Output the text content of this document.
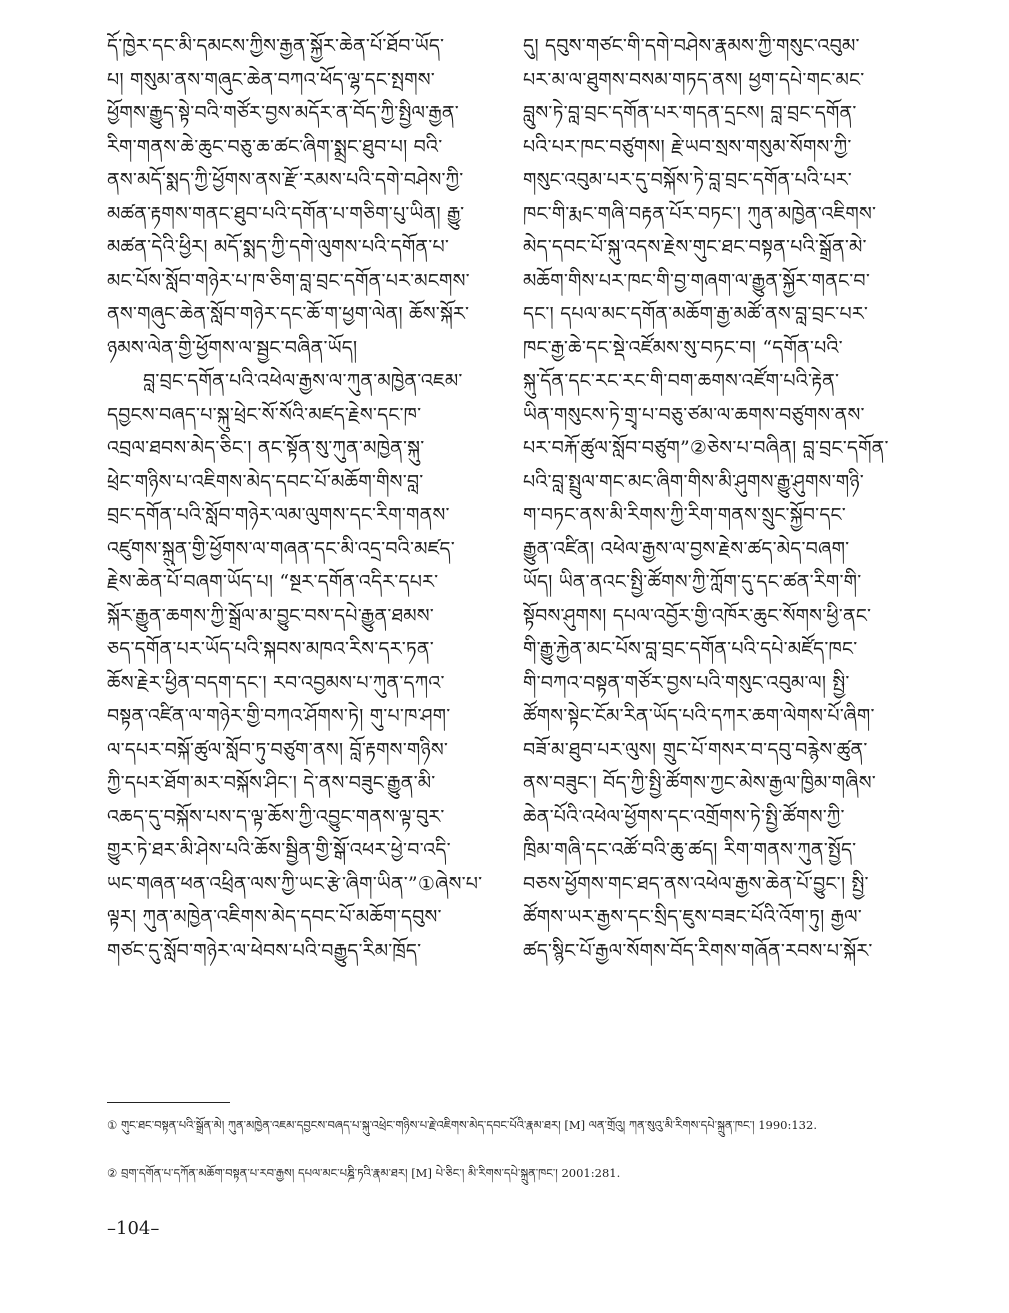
དོ་ཁྱེར་དང་མི་དམངས་ཀྱིས་རྒྱན་སྐྱོར་ཆེན་པོ་ཐོབ་ཡོད་
པ། གསུམ་ནས་གཞུང་ཆེན་བཀའ་ཕོད་ལྷ་དང་སྤགས་
ཕྱོགས་རྒྱུད་སྟེ་བའི་གཙོར་བྱས་མདོར་ན་བོད་ཀྱི་སྤྱིལ་རྒྱན་
རིག་གནས་ཆེ་ཆུང་བཅུ་ཆ་ཚང་ཞིག་སྨྲང་ཐུབ་པ། བའི་
ནས་མདོ་སྨད་ཀྱི་ཕྱོགས་ནས་རྫོ་རམས་པའི་དགེ་བཤེས་ཀྱི་
མཚན་རྟགས་གནང་ཐུབ་པའི་དགོན་པ་གཅིག་པུ་ཡིན། རྒྱུ་
མཚན་དེའི་ཕྱིར། མདོ་སྨད་ཀྱི་དགེ་ལུགས་པའི་དགོན་པ་
མང་པོས་སློབ་གཉེར་པ་ཁ་ཅིག་བླ་བྲང་དགོན་པར་མངགས་
ནས་གཞུང་ཆེན་སློབ་གཉེར་དང་ཆོ་ག་ཕྱག་ལེན། ཆོས་སྐོར་
ཉམས་ལེན་གྱི་ཕྱོགས་ལ་སྦྱང་བཞིན་ཡོད།
བླ་བྲང་དགོན་པའི་འཕེལ་རྒྱས་ལ་ཀུན་མཁྱེན་འཇམ་
དབྱངས་བཞད་པ་སྐུ་ཕྲེང་སོ་སོའི་མཛད་རྗེས་དང་ཁ་
འབྲལ་ཐབས་མེད་ཅིང་། ནང་སྟོན་སུ་ཀུན་མཁྱེན་སྐུ་
ཕྲེང་གཉིས་པ་འཇིགས་མེད་དབང་པོ་མཆོག་གིས་བླ་
བྲང་དགོན་པའི་སློབ་གཉེར་ལམ་ལུགས་དང་རིག་གནས་
འཛུགས་སྐྲུན་གྱི་ཕྱོགས་ལ་གཞན་དང་མི་འདྲ་བའི་མཛད་
རྗེས་ཆེན་པོ་བཞག་ཡོད་པ། “སྔར་དགོན་འདིར་དཔར་
སྐོར་རྒྱུན་ཆགས་ཀྱི་སྒྲོལ་མ་བྱུང་བས་དཔེ་རྒྱུན་ཐམས་
ཅད་དགོན་པར་ཡོད་པའི་སྐབས་མཁའ་རིས་དར་ཏན་
ཆོས་རྗེར་ཕྱིན་བདག་དང་། རབ་འབྱམས་པ་ཀུན་དཀའ་
བསྟན་འཛིན་ལ་གཉེར་གྱི་བཀའ་ཤོགས་ཏེ། གུ་པ་ཁ་ཤག་
ལ་དཔར་བསྐོ་ཚུལ་སློབ་ཏུ་བཙུག་ནས། བློ་རྟགས་གཉིས་
ཀྱི་དཔར་ཐོག་མར་བསྐོས་ཤིང་། དེ་ནས་བཟུང་རྒྱུན་མི་
འཆད་དུ་བསྐོས་པས་ད་ལྟ་ཆོས་ཀྱི་འབྱུང་གནས་ལྟ་བུར་
གྱུར་ཏེ་ཐར་མི་ཤེས་པའི་ཆོས་སྦྱིན་གྱི་སྒོ་འཕར་ཕྱེ་བ་འདི་
ཡང་གཞན་ཕན་འཕྲིན་ལས་ཀྱི་ཡང་རྩེ་ཞིག་ཡིན་”①ཞེས་པ་
ལྟར། ཀུན་མཁྱེན་འཇིགས་མེད་དབང་པོ་མཆོག་དབུས་
གཙང་དུ་སློབ་གཉེར་ལ་ཕེབས་པའི་བརྒྱུད་རིམ་ཁྲོད་
དུ། དབུས་གཙང་གི་དགེ་བཤེས་རྣམས་ཀྱི་གསུང་འབུམ་
པར་མ་ལ་ཐུགས་བསམ་གཏད་ནས། ཕྱག་དཔེ་གང་མང་
བླུས་ཏེ་བླ་བྲང་དགོན་པར་གདན་དྲངས། བླ་བྲང་དགོན་
པའི་པར་ཁང་བཙུགས། རྗེ་ཡབ་སྲས་གསུམ་སོགས་ཀྱི་
གསུང་འབུམ་པར་དུ་བསྐོས་ཏེ་བླ་བྲང་དགོན་པའི་པར་
ཁང་གི་རྨང་གཞི་བརྟན་པོར་བཏང་། ཀུན་མཁྱེན་འཇིགས་
མེད་དབང་པོ་སྐུ་འདས་རྗེས་གུང་ཐང་བསྟན་པའི་སྒྲོན་མེ་
མཆོག་གིས་པར་ཁང་གི་བྱ་གཞག་ལ་རྒྱུན་སྐྱོར་གནང་བ་
དང་། དཔལ་མང་དགོན་མཆོག་རྒྱ་མཚོ་ནས་བླ་བྲང་པར་
ཁང་རྒྱ་ཆེ་དང་སྡེ་འཛོམས་སུ་བཏང་བ། “དགོན་པའི་
སྐུ་དོན་དང་རང་རང་གི་བག་ཆགས་འཛོག་པའི་རྟེན་
ཡིན་གསུངས་ཏེ་གྲྭ་པ་བཅུ་ཙམ་ལ་ཆགས་བཙུགས་ནས་
པར་བརྐོ་ཚུལ་སློབ་བཙུག”②ཅེས་པ་བཞིན། བླ་བྲང་དགོན་
པའི་བླ་སྤྲུལ་གང་མང་ཞིག་གིས་མི་ཤུགས་རྒྱུ་ཤུགས་གཉི་
ག་བཏང་ནས་མི་རིགས་ཀྱི་རིག་གནས་སྲུང་སྐྱོབ་དང་
རྒྱུན་འཛིན། འཕེལ་རྒྱས་ལ་བྱས་རྗེས་ཚད་མེད་བཞག་
ཡོད། ཡིན་ནའང་སྤྱི་ཚོགས་ཀྱི་ཀློག་དུ་དང་ཚན་རིག་གི་
སྟོབས་ཤུགས། དཔལ་འབྱོར་གྱི་འཁོར་ཆུང་སོགས་ཕྱི་ནང་
གི་རྒྱུ་རྐྱེན་མང་པོས་བླ་བྲང་དགོན་པའི་དཔེ་མཛོད་ཁང་
གི་བཀའ་བསྟན་གཙོར་བྱས་པའི་གསུང་འབུམ་ལ། སྤྱི་
ཚོགས་སྟེང་ངོམ་རིན་ཡོད་པའི་དཀར་ཆག་ལེགས་པོ་ཞིག་
བཟོ་མ་ཐུབ་པར་ལུས། གྲུང་པོ་གསར་བ་དབུ་བརྙེས་ཚུན་
ནས་བཟུང་། བོད་ཀྱི་སྤྱི་ཚོགས་ཀྱང་མེས་རྒྱལ་ཁྱིམ་གཞིས་
ཆེན་པོའི་འཕེལ་ཕྱོགས་དང་འགྲོགས་ཏེ་སྤྱི་ཚོགས་ཀྱི་
ཁྲིམ་གཞི་དང་འཚོ་བའི་ཆུ་ཚད། རིག་གནས་ཀུན་སྤྱོད་
བཅས་ཕྱོགས་གང་ཐད་ནས་འཕེལ་རྒྱས་ཆེན་པོ་བྱུང་། སྤྱི་
ཚོགས་ཡར་རྒྱས་དང་སྲིད་ཇུས་བཟང་པོའི་འོག་ཏུ། རྒྱལ་
ཚད་སྙིང་པོ་རྒྱལ་སོགས་བོད་རིགས་གཞོན་རབས་པ་སྐོར་
① གུང་ཐང་བསྟན་པའི་སྒྲོན་མེ། ཀུན་མཁྱེན་འཇམ་དབྱངས་བཞད་པ་སྐུ་འཕྲེང་གཉིས་པ་རྗེ་འཇིགས་མེད་དབང་པོའི་རྣམ་ཐར། [M] ལན་གྲོའུ། ཀན་སུའུ་མི་རིགས་དཔེ་སྐྲུན་ཁང་། 1990:132.
② བྲག་དགོན་པ་དཀོན་མཆོག་བསྟན་པ་རབ་རྒྱས། དཔལ་མང་པཎྜི་ཏའི་རྣམ་ཐར། [M] པེ་ཅིང་། མི་རིགས་དཔེ་སྐྲུན་ཁང་། 2001:281.
–104–
